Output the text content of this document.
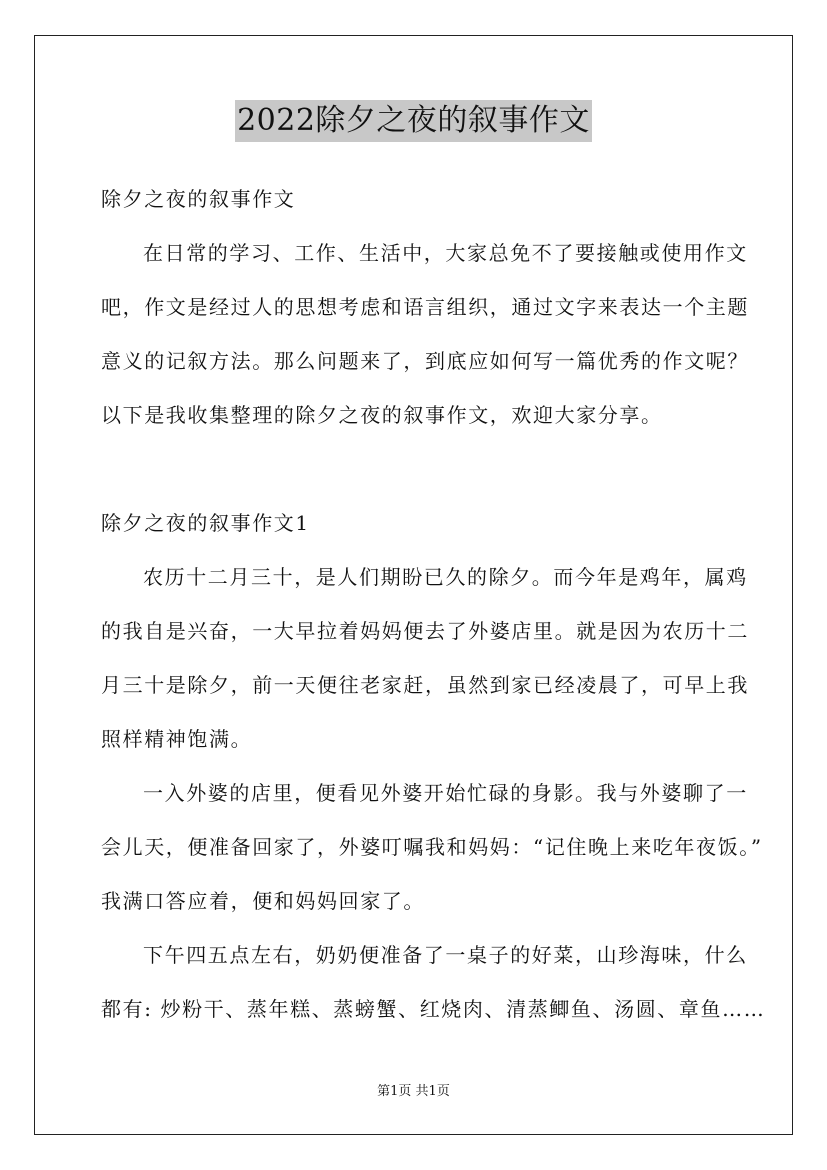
2022除夕之夜的叙事作文
除夕之夜的叙事作文
在日常的学习、工作、生活中，大家总免不了要接触或使用作文
吧，作文是经过人的思想考虑和语言组织，通过文字来表达一个主题
意义的记叙方法。那么问题来了，到底应如何写一篇优秀的作文呢？
以下是我收集整理的除夕之夜的叙事作文，欢迎大家分享。
除夕之夜的叙事作文1
农历十二月三十，是人们期盼已久的除夕。而今年是鸡年，属鸡
的我自是兴奋，一大早拉着妈妈便去了外婆店里。就是因为农历十二
月三十是除夕，前一天便往老家赶，虽然到家已经凌晨了，可早上我
照样精神饱满。
一入外婆的店里，便看见外婆开始忙碌的身影。我与外婆聊了一
会儿天，便准备回家了，外婆叮嘱我和妈妈：“记住晚上来吃年夜饭。”
我满口答应着，便和妈妈回家了。
下午四五点左右，奶奶便准备了一桌子的好菜，山珍海味，什么
都有: 炒粉干、蒸年糕、蒸螃蟹、红烧肉、清蒸鲫鱼、汤圆、章鱼……
第1页 共1页
